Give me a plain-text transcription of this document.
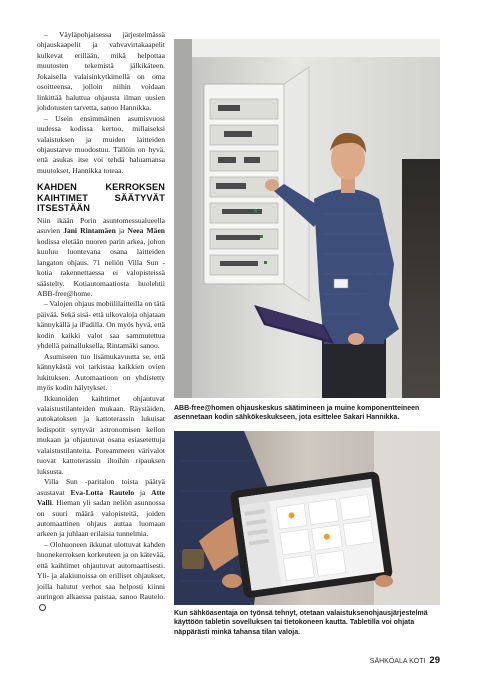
– Väyläpohjaisessa järjestelmässä ohjauskaapelit ja vahvavirtakaapelit kulkevat erillään, mikä helpottaa muutosten tekemistä jälkikäteen. Jokaisella valaisinkytkimellä on oma osoitteensa, jolloin niihin voidaan linkittää haluttua ohjausta ilman uusien johdotusten tarvetta, sanoo Hannikka.

– Usein ensimmäinen asumisvuosi uudessa kodissa kertoo, millaiseksi valaistuksen ja muiden laitteiden ohjaustarve muodostuu. Tällöin on hyvä, että asukas itse voi tehdä haluamansa muutokset, Hannikka toteaa.

KAHDEN KERROKSEN KAIHTIMET SÄÄTYVÄT ITSESTÄÄN

Niin ikään Porin asuntomessualueella asuvien Jani Rintamäen ja Neea Mäen kodissa eletään nuoren parin arkea, johon kuuluu luontevana osana laitteiden langaton ohjaus. 71 neliön Villa Sun -kotia rakennettaessa ei valopisteissä säästelty. Kotiautomaatiosta huolehtii ABB-free@home.

– Valojen ohjaus mobiililaitteilla on tätä päivää. Sekä sisä- että ulkovaloja ohjataan kännykällä ja iPadilla. On myös hyvä, että kodin kaikki valot saa sammutettua yhdellä painalluksella, Rintamäki sanoo.

Asumiseen tuo lisämukavuutta se, että kännykästä voi tarkistaa kaikkien ovien lukituksen. Automaatioon on yhdistetty myös kodin hälytykset.

Ikkunoiden kaihtimet ohjautuvat valaistustilanteiden mukaan. Räystäiden, autokatoksen ja kattoterassin lukuisat ledispotit syttyvät astronomisen kellon mukaan ja ohjautuvat osana esiasetettuja valaistustilanteita. Poreammeen värivalot tuovat kattoterassin iltoihin ripauksen luksusta.

Villa Sun -paritalon toista päätyä asustavat Eva-Lotta Rautelo ja Atte Valli. Hieman yli sadan neliön asunnossa on suuri määrä valopisteitä, joiden automaattinen ohjaus auttaa luomaan arkeen ja juhlaan erilaisia tunnelmia.

– Olohuoneen ikkunat ulottuvat kahden huonekerroksen korkeuteen ja on kätevää, että kaihtimet ohjautuvat automaattisesti. Yli- ja alakiunoissa on erilliset ohjaukset, joilla halutut verhot saa helposti kiinni auringon alkaessa paistaa, sanoo Rautelo.

ABB-free@homen ohjauskeskus säätimineen ja muine komponentteineen asennetaan kodin sähkökeskukseen, jota esittelee Sakari Hannikka.
Kun sähköasentaja on työnsä tehnyt, otetaan valaistuksenohjausjärjestelmä käyttöön tabletin sovelluksen tai tietokoneen kautta. Tabletilla voi ohjata näppärästi minkä tahansa tilan valoja.
SÄHKÖALA KOTI 29
